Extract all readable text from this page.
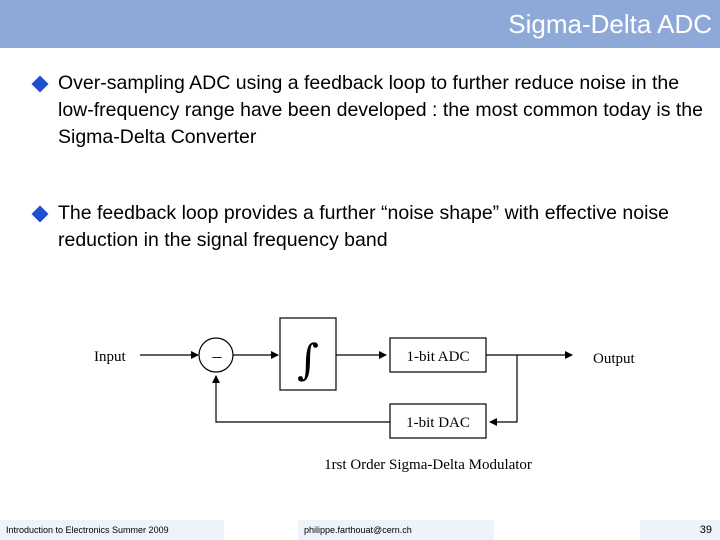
Sigma-Delta ADC
Over-sampling ADC using a feedback loop to further reduce noise in the low-frequency range have been developed : the most common today is the Sigma-Delta Converter
The feedback loop provides a further “noise shape” with effective noise reduction in the signal frequency band
Input	– ∫	1-bit ADC	Output
1-bit DAC
1rst Order Sigma-Delta Modulator
Introduction to Electronics Summer 2009	philippe.farthouat@cern.ch	39
